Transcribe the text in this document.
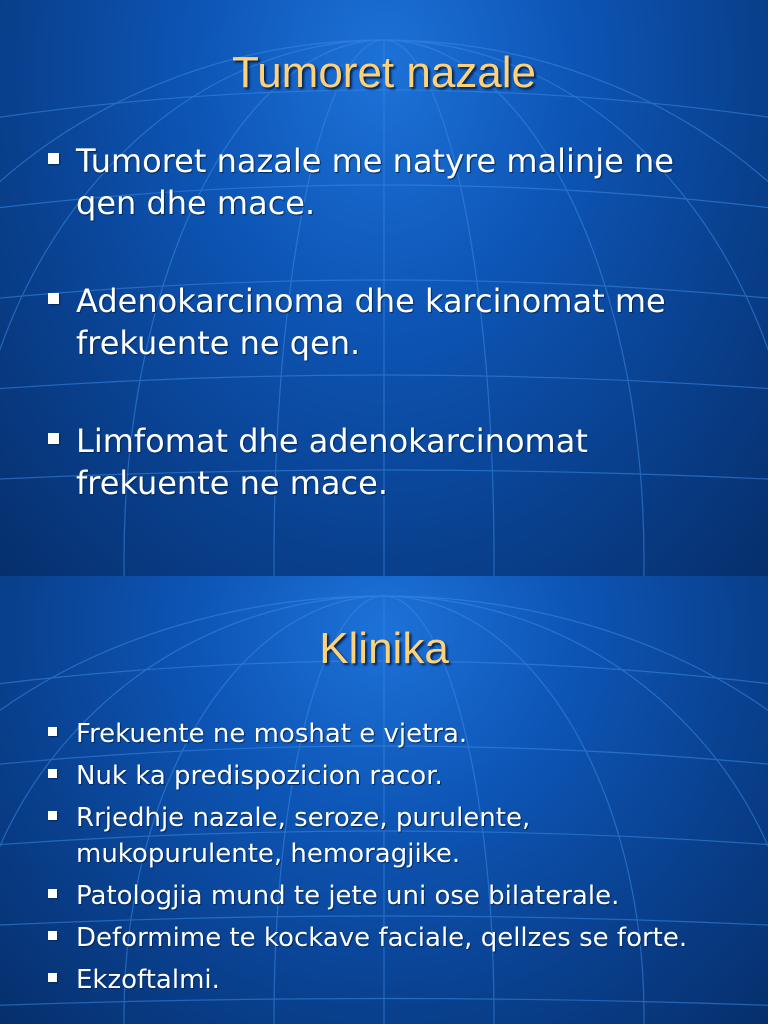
Tumoret nazale
Tumoret nazale me natyre malinje ne qen dhe mace.
Adenokarcinoma dhe karcinomat me frekuente ne qen.
Limfomat dhe adenokarcinomat frekuente ne mace.
Klinika
Frekuente ne moshat e vjetra.
Nuk ka predispozicion racor.
Rrjedhje nazale, seroze, purulente, mukopurulente, hemoragjike.
Patologjia mund te jete uni ose bilaterale.
Deformime te kockave faciale, qellzes se forte.
Ekzoftalmi.
